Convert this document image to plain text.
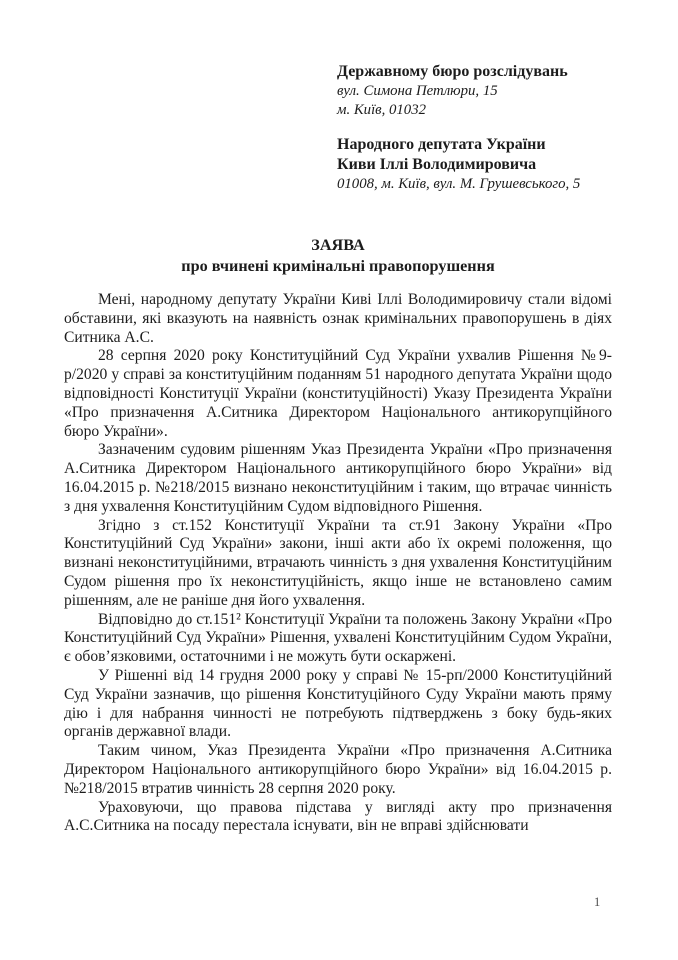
Державному бюро розслідувань
вул. Симона Петлюри, 15
м. Київ, 01032
Народного депутата України
Киви Іллі Володимировича
01008, м. Київ, вул. М. Грушевського, 5
ЗАЯВА
про вчинені кримінальні правопорушення

Мені, народному депутату України Киві Іллі Володимировичу стали відомі обставини, які вказують на наявність ознак кримінальних правопорушень в діях Ситника А.С.

28 серпня 2020 року Конституційний Суд України ухвалив Рішення №9-р/2020 у справі за конституційним поданням 51 народного депутата України щодо відповідності Конституції України (конституційності) Указу Президента України «Про призначення А.Ситника Директором Національного антикорупційного бюро України».

Зазначеним судовим рішенням Указ Президента України «Про призначення А.Ситника Директором Національного антикорупційного бюро України» від 16.04.2015 р. №218/2015 визнано неконституційним і таким, що втрачає чинність з дня ухвалення Конституційним Судом відповідного Рішення.

Згідно з ст.152 Конституції України та ст.91 Закону України «Про Конституційний Суд України» закони, інші акти або їх окремі положення, що визнані неконституційними, втрачають чинність з дня ухвалення Конституційним Судом рішення про їх неконституційність, якщо інше не встановлено самим рішенням, але не раніше дня його ухвалення.

Відповідно до ст.151² Конституції України та положень Закону України «Про Конституційний Суд України» Рішення, ухвалені Конституційним Судом України, є обов’язковими, остаточними і не можуть бути оскаржені.

У Рішенні від 14 грудня 2000 року у справі № 15-рп/2000 Конституційний Суд України зазначив, що рішення Конституційного Суду України мають пряму дію і для набрання чинності не потребують підтверджень з боку будь-яких органів державної влади.

Таким чином, Указ Президента України «Про призначення А.Ситника Директором Національного антикорупційного бюро України» від 16.04.2015 р. №218/2015 втратив чинність 28 серпня 2020 року.

Ураховуючи, що правова підстава у вигляді акту про призначення А.С.Ситника на посаду перестала існувати, він не вправі здійснювати

1
